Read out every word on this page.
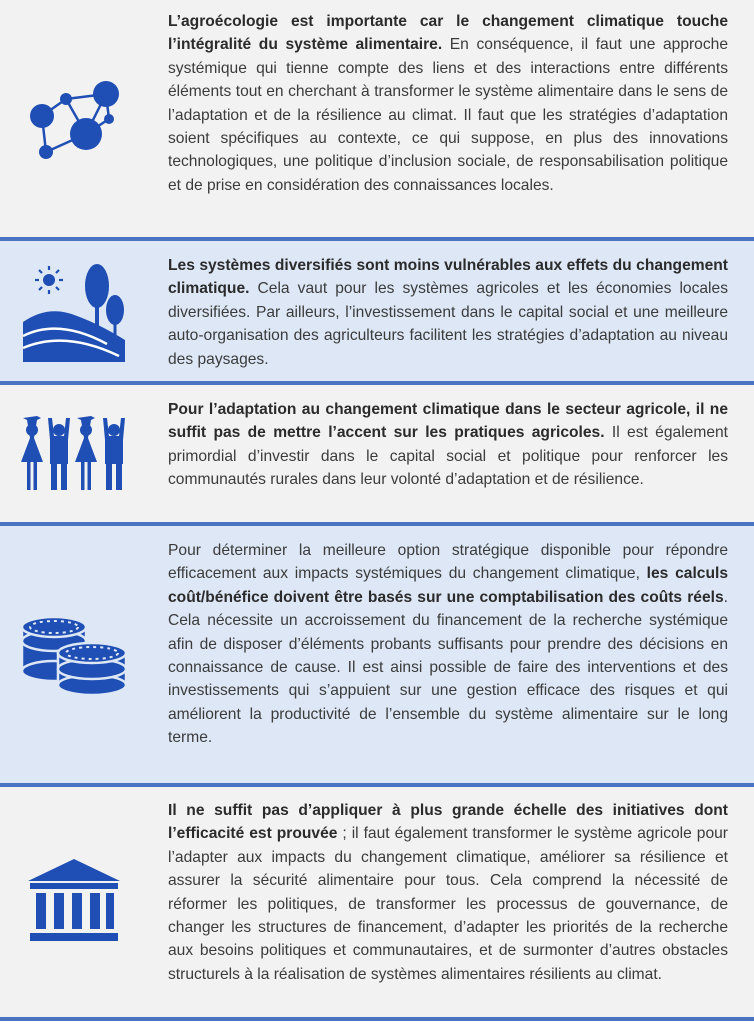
L’agroécologie est importante car le changement climatique touche l’intégralité du système alimentaire. En conséquence, il faut une approche systémique qui tienne compte des liens et des interactions entre différents éléments tout en cherchant à transformer le système alimentaire dans le sens de l’adaptation et de la résilience au climat. Il faut que les stratégies d’adaptation soient spécifiques au contexte, ce qui suppose, en plus des innovations technologiques, une politique d’inclusion sociale, de responsabilisation politique et de prise en considération des connaissances locales.
Les systèmes diversifiés sont moins vulnérables aux effets du changement climatique. Cela vaut pour les systèmes agricoles et les économies locales diversifiées. Par ailleurs, l’investissement dans le capital social et une meilleure auto-organisation des agriculteurs facilitent les stratégies d’adaptation au niveau des paysages.
Pour l’adaptation au changement climatique dans le secteur agricole, il ne suffit pas de mettre l’accent sur les pratiques agricoles. Il est également primordial d’investir dans le capital social et politique pour renforcer les communautés rurales dans leur volonté d’adaptation et de résilience.
Pour déterminer la meilleure option stratégique disponible pour répondre efficacement aux impacts systémiques du changement climatique, les calculs coût/bénéfice doivent être basés sur une comptabilisation des coûts réels. Cela nécessite un accroissement du financement de la recherche systémique afin de disposer d’éléments probants suffisants pour prendre des décisions en connaissance de cause. Il est ainsi possible de faire des interventions et des investissements qui s’appuient sur une gestion efficace des risques et qui améliorent la productivité de l’ensemble du système alimentaire sur le long terme.
Il ne suffit pas d’appliquer à plus grande échelle des initiatives dont l’efficacité est prouvée ; il faut également transformer le système agricole pour l’adapter aux impacts du changement climatique, améliorer sa résilience et assurer la sécurité alimentaire pour tous. Cela comprend la nécessité de réformer les politiques, de transformer les processus de gouvernance, de changer les structures de financement, d’adapter les priorités de la recherche aux besoins politiques et communautaires, et de surmonter d’autres obstacles structurels à la réalisation de systèmes alimentaires résilients au climat.
